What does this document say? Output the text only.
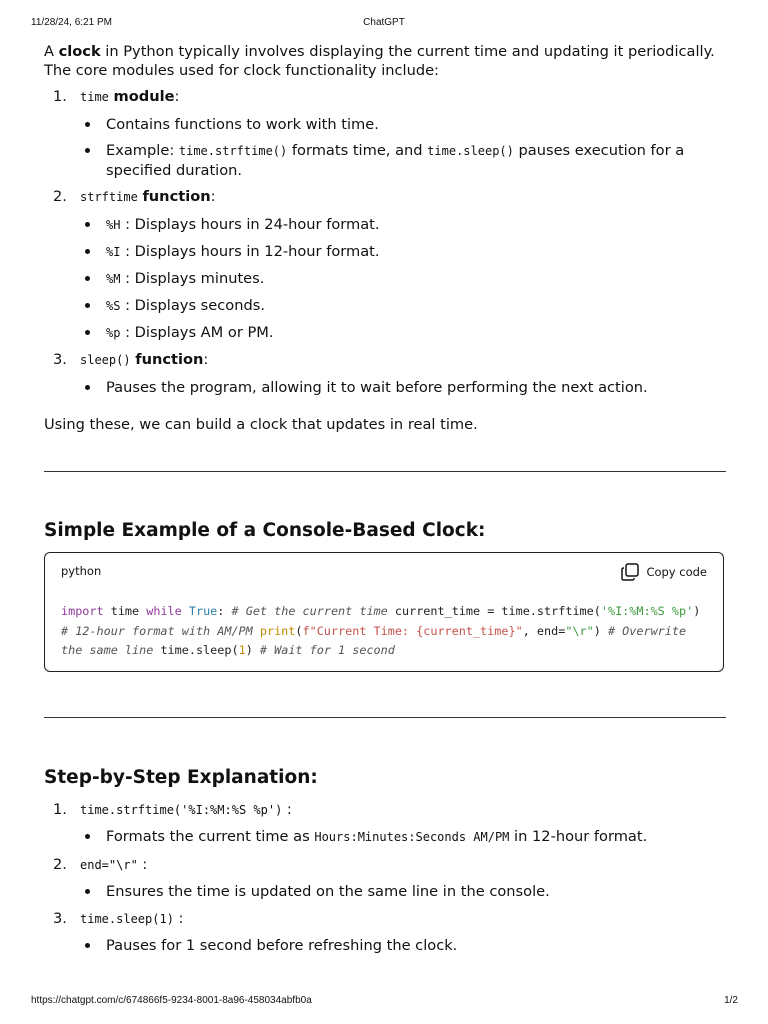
11/28/24, 6:21 PM	ChatGPT

A clock in Python typically involves displaying the current time and updating it periodically. The core modules used for clock functionality include:

1. time module:
Contains functions to work with time.
Example: time.strftime() formats time, and time.sleep() pauses execution for a specified duration.
2. strftime function:
%H : Displays hours in 24-hour format.
%I : Displays hours in 12-hour format.
%M : Displays minutes.
%S : Displays seconds.
%p : Displays AM or PM.
3. sleep() function:
Pauses the program, allowing it to wait before performing the next action.

Using these, we can build a clock that updates in real time.

Simple Example of a Console-Based Clock:
python	Copy code
import time while True: # Get the current time current_time = time.strftime('%I:%M:%S %p') # 12-hour format with AM/PM print(f"Current Time: {current_time}", end="\r") # Overwrite the same line time.sleep(1) # Wait for 1 second
Step-by-Step Explanation:
1. time.strftime('%I:%M:%S %p') :
Formats the current time as Hours:Minutes:Seconds AM/PM in 12-hour format.
2. end="\r" :
Ensures the time is updated on the same line in the console.
3. time.sleep(1) :
Pauses for 1 second before refreshing the clock.
https://chatgpt.com/c/674866f5-9234-8001-8a96-458034abfb0a	1/2
